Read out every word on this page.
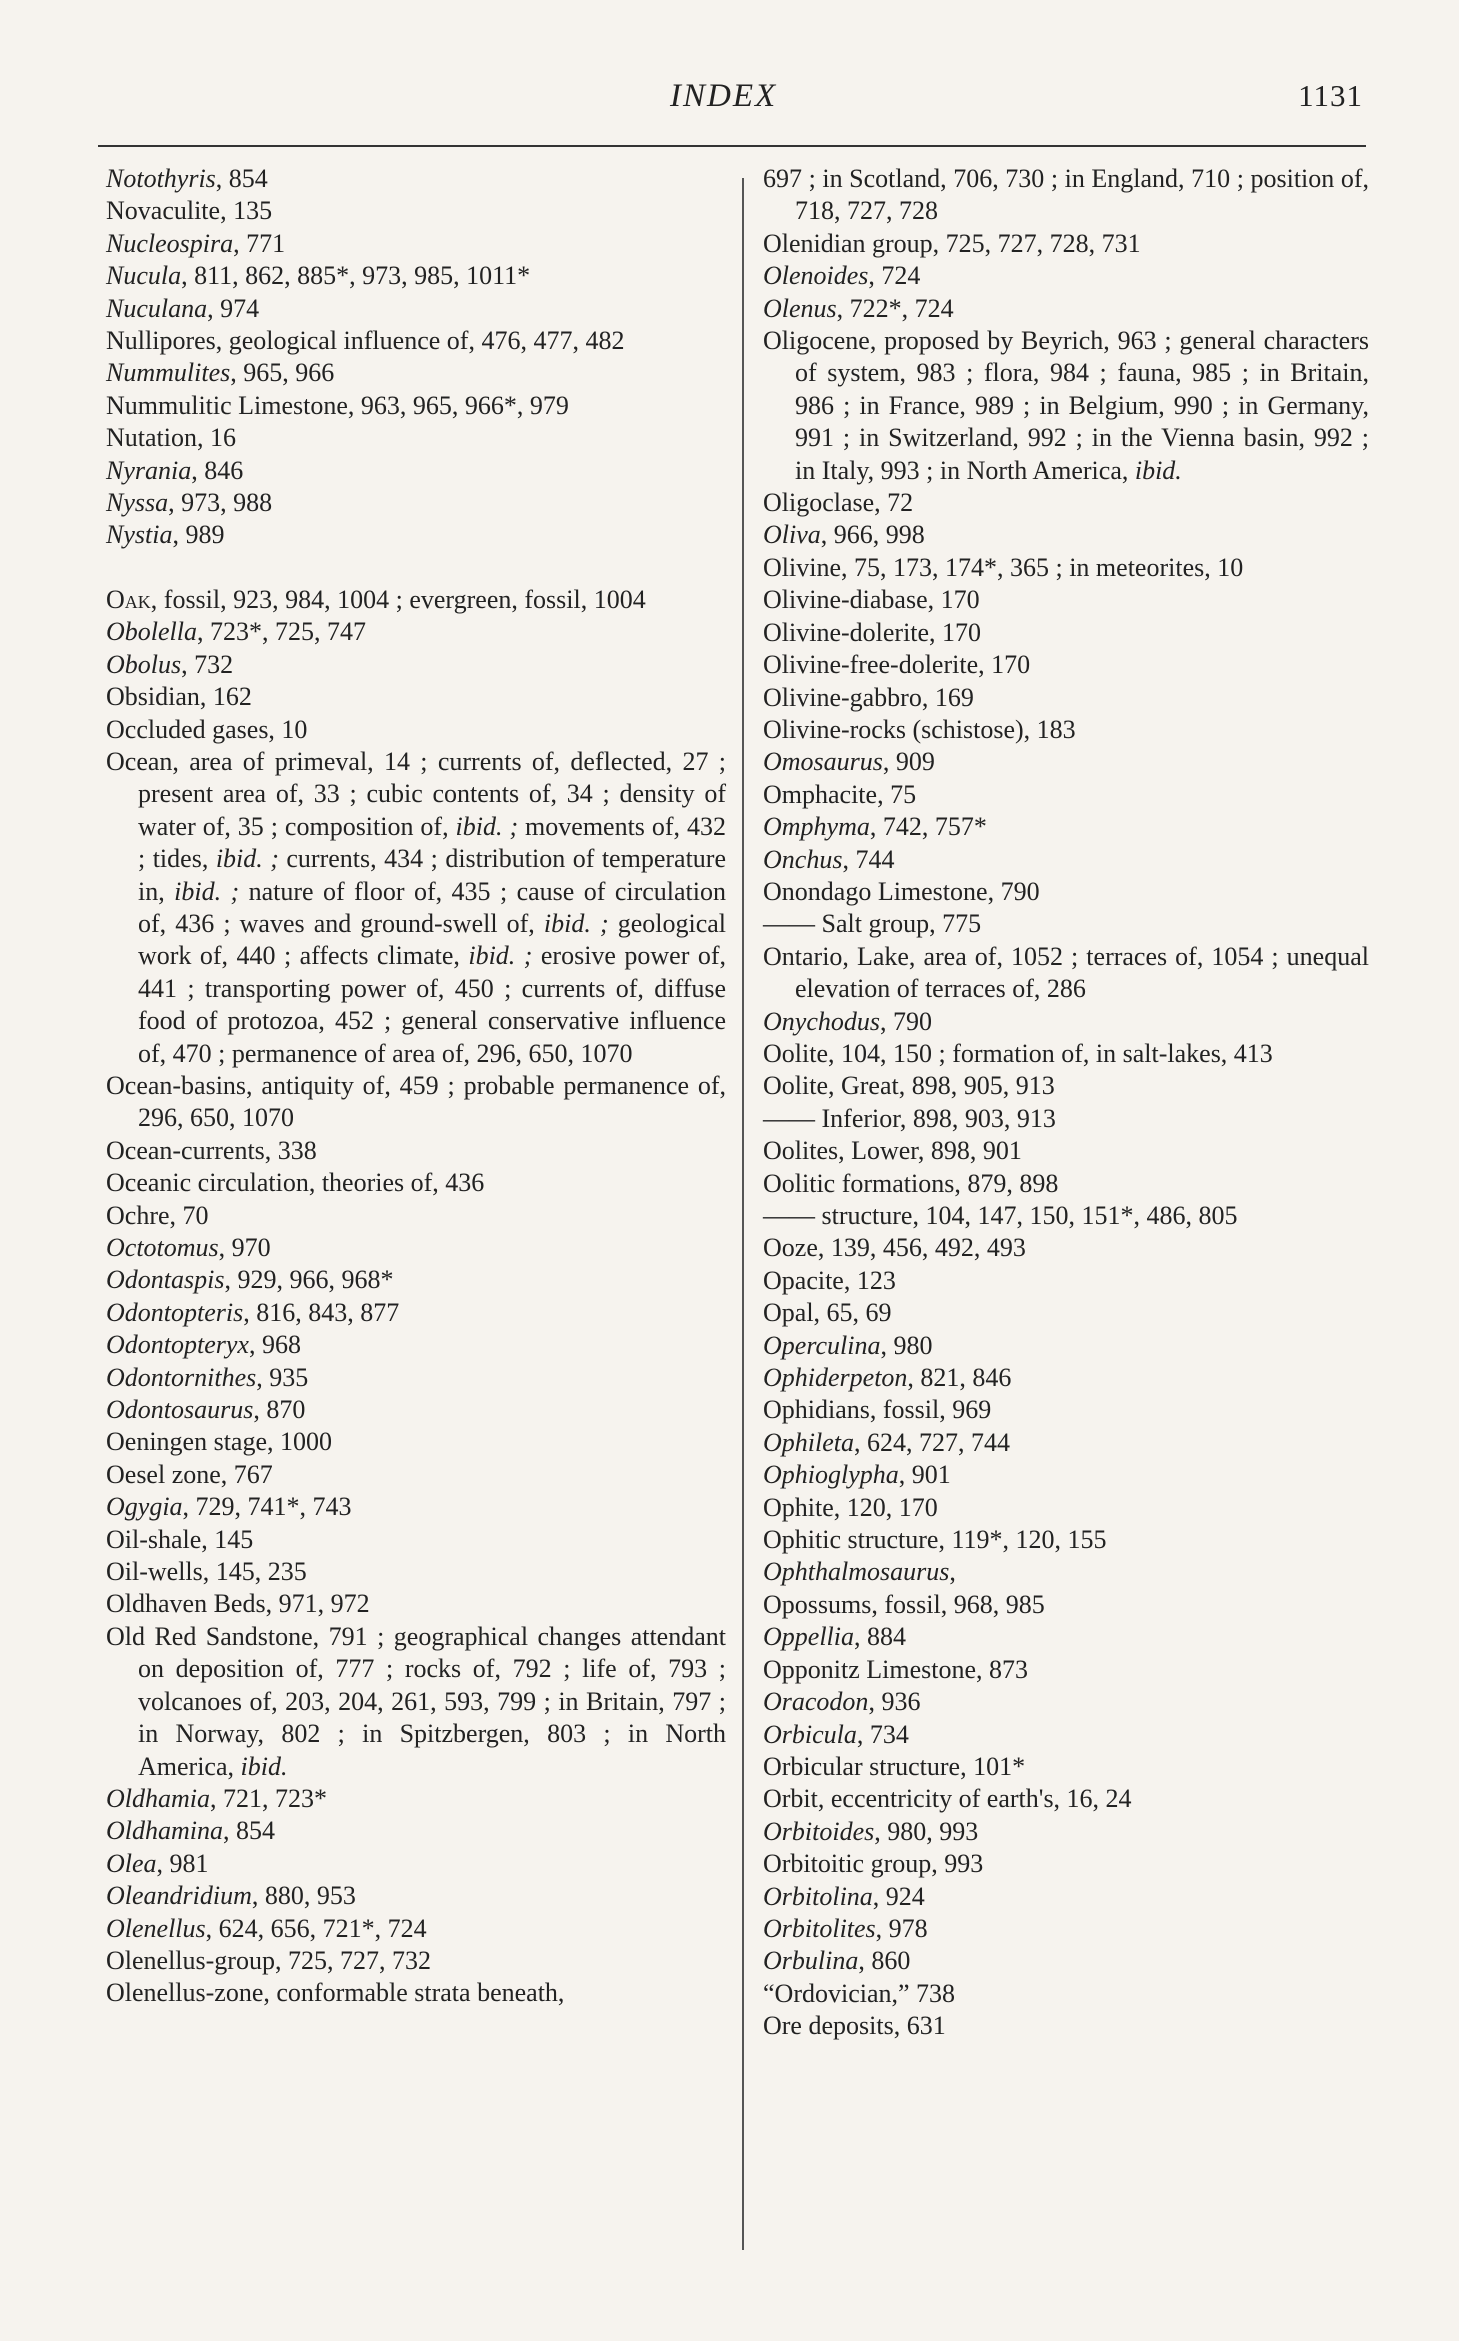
INDEX	1131
Notothyris, 854
Novaculite, 135
Nucleospira, 771
Nucula, 811, 862, 885*, 973, 985, 1011*
Nuculana, 974
Nullipores, geological influence of, 476, 477, 482
Nummulites, 965, 966
Nummulitic Limestone, 963, 965, 966*, 979
Nutation, 16
Nyrania, 846
Nyssa, 973, 988
Nystia, 989
Oak, fossil, 923, 984, 1004 ; evergreen, fossil, 1004
Obolella, 723*, 725, 747
Obolus, 732
Obsidian, 162
Occluded gases, 10
Ocean, area of primeval, 14 ; currents of, deflected, 27 ; present area of, 33 ; cubic contents of, 34 ; density of water of, 35 ; composition of, ibid. ; movements of, 432 ; tides, ibid. ; currents, 434 ; distribution of temperature in, ibid. ; nature of floor of, 435 ; cause of circulation of, 436 ; waves and ground-swell of, ibid. ; geological work of, 440 ; affects climate, ibid. ; erosive power of, 441 ; transporting power of, 450 ; currents of, diffuse food of protozoa, 452 ; general conservative influence of, 470 ; permanence of area of, 296, 650, 1070
Ocean-basins, antiquity of, 459 ; probable permanence of, 296, 650, 1070
Ocean-currents, 338
Oceanic circulation, theories of, 436
Ochre, 70
Octotomus, 970
Odontaspis, 929, 966, 968*
Odontopteris, 816, 843, 877
Odontopteryx, 968
Odontornithes, 935
Odontosaurus, 870
Oeningen stage, 1000
Oesel zone, 767
Ogygia, 729, 741*, 743
Oil-shale, 145
Oil-wells, 145, 235
Oldhaven Beds, 971, 972
Old Red Sandstone, 791 ; geographical changes attendant on deposition of, 777 ; rocks of, 792 ; life of, 793 ; volcanoes of, 203, 204, 261, 593, 799 ; in Britain, 797 ; in Norway, 802 ; in Spitzbergen, 803 ; in North America, ibid.
Oldhamia, 721, 723*
Oldhamina, 854
Olea, 981
Oleandridium, 880, 953
Olenellus, 624, 656, 721*, 724
Olenellus-group, 725, 727, 732
Olenellus-zone, conformable strata beneath,
697 ; in Scotland, 706, 730 ; in England, 710 ; position of, 718, 727, 728
Olenidian group, 725, 727, 728, 731
Olenoides, 724
Olenus, 722*, 724
Oligocene, proposed by Beyrich, 963 ; general characters of system, 983 ; flora, 984 ; fauna, 985 ; in Britain, 986 ; in France, 989 ; in Belgium, 990 ; in Germany, 991 ; in Switzerland, 992 ; in the Vienna basin, 992 ; in Italy, 993 ; in North America, ibid.
Oligoclase, 72
Oliva, 966, 998
Olivine, 75, 173, 174*, 365 ; in meteorites, 10
Olivine-diabase, 170
Olivine-dolerite, 170
Olivine-free-dolerite, 170
Olivine-gabbro, 169
Olivine-rocks (schistose), 183
Omosaurus, 909
Omphacite, 75
Omphyma, 742, 757*
Onchus, 744
Onondago Limestone, 790
—— Salt group, 775
Ontario, Lake, area of, 1052 ; terraces of, 1054 ; unequal elevation of terraces of, 286
Onychodus, 790
Oolite, 104, 150 ; formation of, in salt-lakes, 413
Oolite, Great, 898, 905, 913
—— Inferior, 898, 903, 913
Oolites, Lower, 898, 901
Oolitic formations, 879, 898
—— structure, 104, 147, 150, 151*, 486, 805
Ooze, 139, 456, 492, 493
Opacite, 123
Opal, 65, 69
Operculina, 980
Ophiderpeton, 821, 846
Ophidians, fossil, 969
Ophileta, 624, 727, 744
Ophioglypha, 901
Ophite, 120, 170
Ophitic structure, 119*, 120, 155
Ophthalmosaurus,
Opossums, fossil, 968, 985
Oppellia, 884
Opponitz Limestone, 873
Oracodon, 936
Orbicula, 734
Orbicular structure, 101*
Orbit, eccentricity of earth's, 16, 24
Orbitoides, 980, 993
Orbitoitic group, 993
Orbitolina, 924
Orbitolites, 978
Orbulina, 860
“Ordovician,” 738
Ore deposits, 631
